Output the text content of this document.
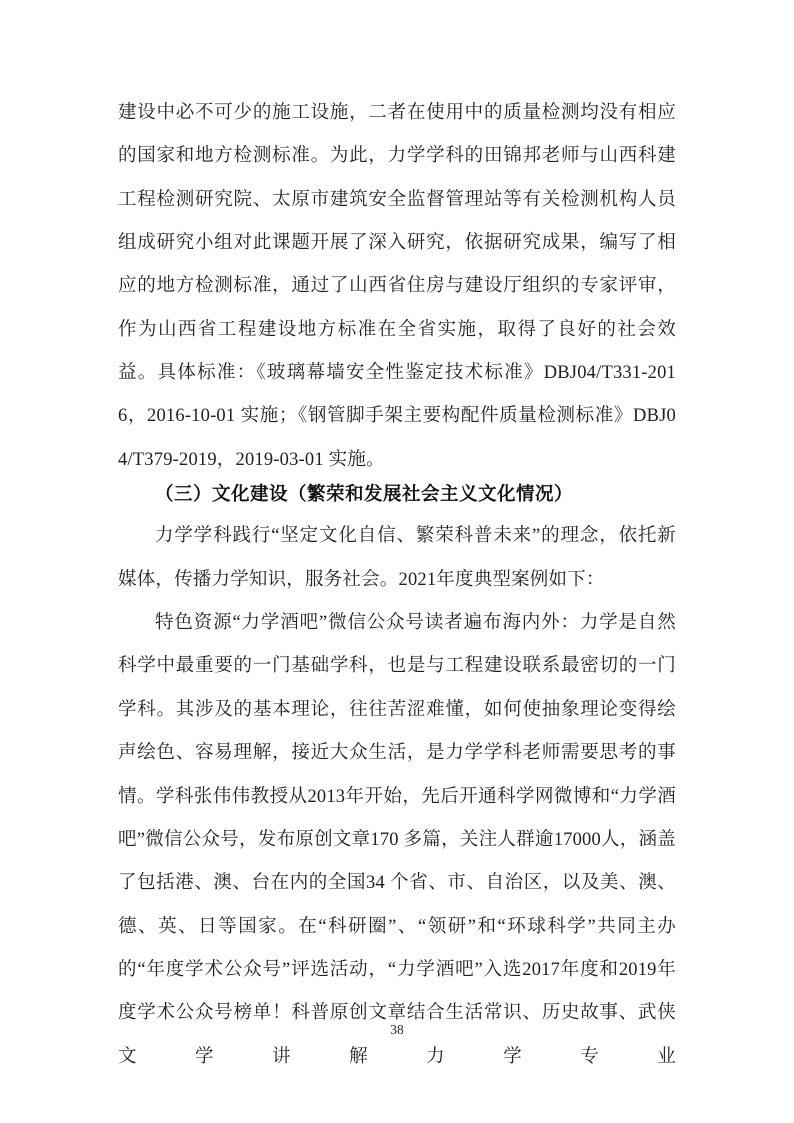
建设中必不可少的施工设施，二者在使用中的质量检测均没有相应的国家和地方检测标准。为此，力学学科的田锦邦老师与山西科建工程检测研究院、太原市建筑安全监督管理站等有关检测机构人员组成研究小组对此课题开展了深入研究，依据研究成果，编写了相应的地方检测标准，通过了山西省住房与建设厅组织的专家评审，作为山西省工程建设地方标准在全省实施，取得了良好的社会效益。具体标准：《玻璃幕墙安全性鉴定技术标准》DBJ04/T331-2016，2016-10-01 实施；《钢管脚手架主要构配件质量检测标准》DBJ04/T379-2019，2019-03-01 实施。

（三）文化建设（繁荣和发展社会主义文化情况）

力学学科践行“坚定文化自信、繁荣科普未来”的理念，依托新媒体，传播力学知识，服务社会。2021年度典型案例如下：

特色资源“力学酒吧”微信公众号读者遍布海内外：力学是自然科学中最重要的一门基础学科，也是与工程建设联系最密切的一门学科。其涉及的基本理论，往往苦涩难懂，如何使抽象理论变得绘声绘色、容易理解，接近大众生活，是力学学科老师需要思考的事情。学科张伟伟教授从2013年开始，先后开通科学网微博和“力学酒吧”微信公众号，发布原创文章170 多篇，关注人群逾17000人，涵盖了包括港、澳、台在内的全国34 个省、市、自治区，以及美、澳、德、英、日等国家。在“科研圈”、“领研”和“环球科学”共同主办的“年度学术公众号”评选活动，“力学酒吧”入选2017年度和2019年度学术公众号榜单！科普原创文章结合生活常识、历史故事、武侠文学讲解力学专业

38
